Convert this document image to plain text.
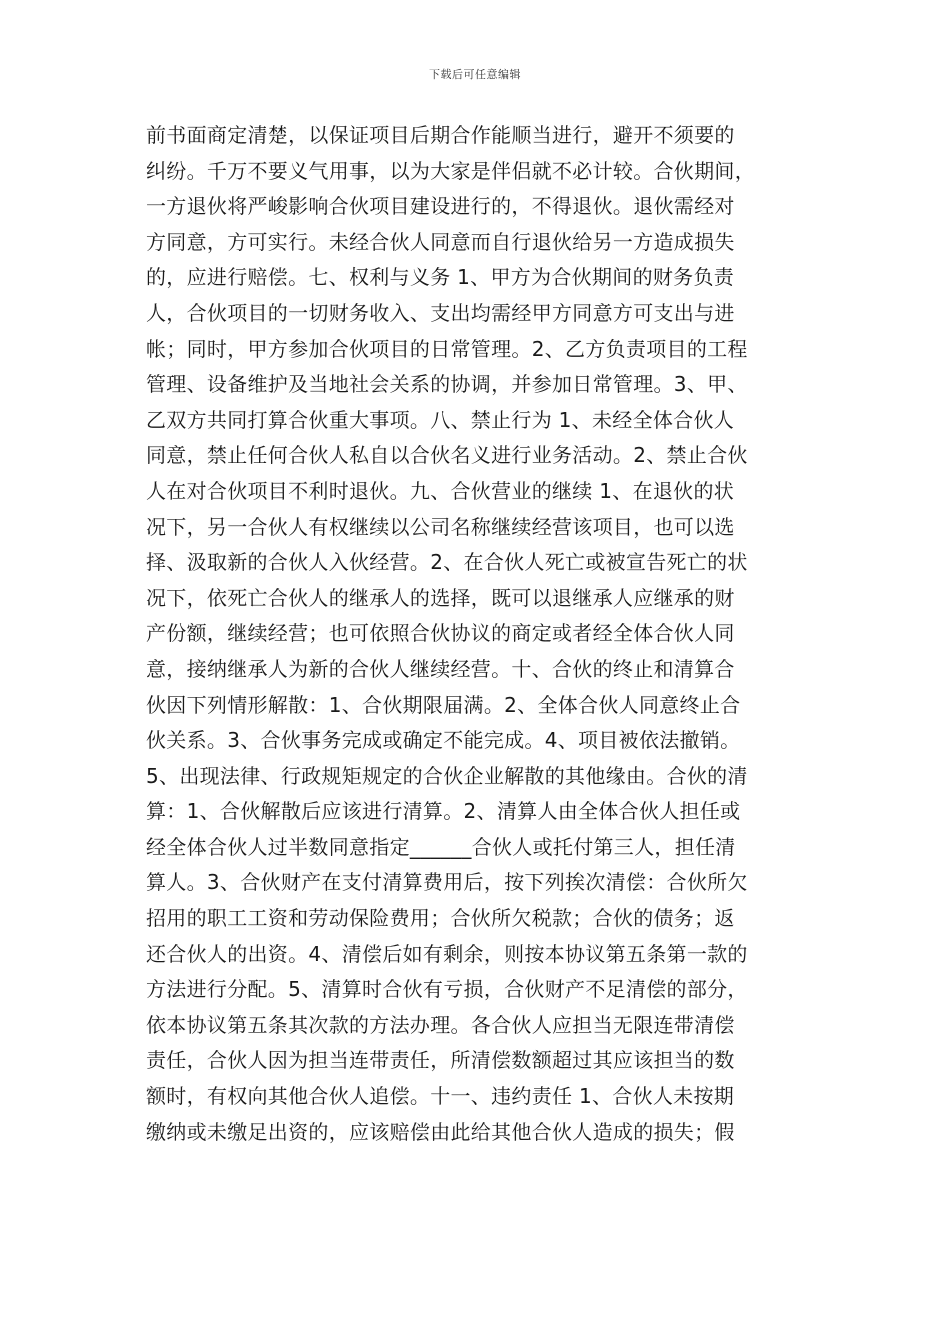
下载后可任意编辑
前书面商定清楚，以保证项目后期合作能顺当进行，避开不须要的
纠纷。千万不要义气用事，以为大家是伴侣就不必计较。合伙期间，
一方退伙将严峻影响合伙项目建设进行的，不得退伙。退伙需经对
方同意，方可实行。未经合伙人同意而自行退伙给另一方造成损失
的，应进行赔偿。七、权利与义务 1、甲方为合伙期间的财务负责
人，合伙项目的一切财务收入、支出均需经甲方同意方可支出与进
帐；同时，甲方参加合伙项目的日常管理。2、乙方负责项目的工程
管理、设备维护及当地社会关系的协调，并参加日常管理。3、甲、
乙双方共同打算合伙重大事项。八、禁止行为 1、未经全体合伙人
同意，禁止任何合伙人私自以合伙名义进行业务活动。2、禁止合伙
人在对合伙项目不利时退伙。九、合伙营业的继续 1、在退伙的状
况下，另一合伙人有权继续以公司名称继续经营该项目，也可以选
择、汲取新的合伙人入伙经营。2、在合伙人死亡或被宣告死亡的状
况下，依死亡合伙人的继承人的选择，既可以退继承人应继承的财
产份额，继续经营；也可依照合伙协议的商定或者经全体合伙人同
意，接纳继承人为新的合伙人继续经营。十、合伙的终止和清算合
伙因下列情形解散：1、合伙期限届满。2、全体合伙人同意终止合
伙关系。3、合伙事务完成或确定不能完成。4、项目被依法撤销。
5、出现法律、行政规矩规定的合伙企业解散的其他缘由。合伙的清
算：1、合伙解散后应该进行清算。2、清算人由全体合伙人担任或
经全体合伙人过半数同意指定______合伙人或托付第三人，担任清
算人。3、合伙财产在支付清算费用后，按下列挨次清偿：合伙所欠
招用的职工工资和劳动保险费用；合伙所欠税款；合伙的债务；返
还合伙人的出资。4、清偿后如有剩余，则按本协议第五条第一款的
方法进行分配。5、清算时合伙有亏损，合伙财产不足清偿的部分，
依本协议第五条其次款的方法办理。各合伙人应担当无限连带清偿
责任，合伙人因为担当连带责任，所清偿数额超过其应该担当的数
额时，有权向其他合伙人追偿。十一、违约责任 1、合伙人未按期
缴纳或未缴足出资的，应该赔偿由此给其他合伙人造成的损失；假
